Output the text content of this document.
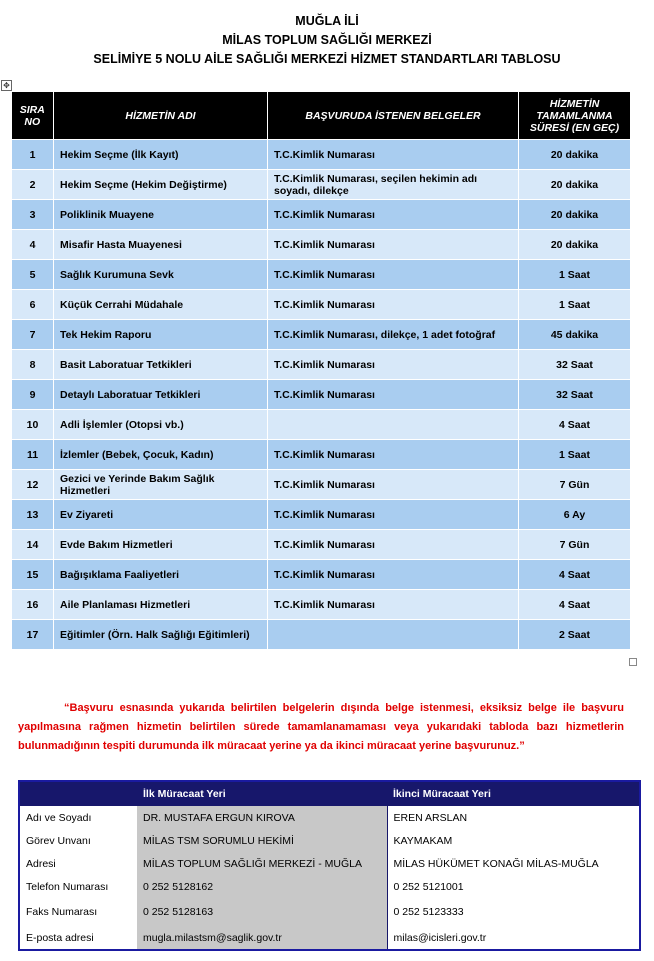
MUĞLA İLİ
MİLAS TOPLUM SAĞLIĞI MERKEZİ
SELİMİYE 5 NOLU AİLE SAĞLIĞI MERKEZİ HİZMET STANDARTLARI TABLOSU
✥
SIRA NO	HİZMETİN ADI	BAŞVURUDA İSTENEN BELGELER	HİZMETİN TAMAMLANMA SÜRESİ (EN GEÇ)
1	Hekim Seçme (İlk Kayıt)	T.C.Kimlik Numarası	20 dakika
2	Hekim Seçme (Hekim Değiştirme)	T.C.Kimlik Numarası, seçilen hekimin adı soyadı, dilekçe	20 dakika
3	Poliklinik Muayene	T.C.Kimlik Numarası	20 dakika
4	Misafir Hasta Muayenesi	T.C.Kimlik Numarası	20 dakika
5	Sağlık Kurumuna Sevk	T.C.Kimlik Numarası	1 Saat
6	Küçük Cerrahi Müdahale	T.C.Kimlik Numarası	1 Saat
7	Tek Hekim Raporu	T.C.Kimlik Numarası, dilekçe, 1 adet fotoğraf	45 dakika
8	Basit Laboratuar Tetkikleri	T.C.Kimlik Numarası	32 Saat
9	Detaylı Laboratuar Tetkikleri	T.C.Kimlik Numarası	32 Saat
10	Adli İşlemler (Otopsi vb.)		4 Saat
11	İzlemler (Bebek, Çocuk, Kadın)	T.C.Kimlik Numarası	1 Saat
12	Gezici ve Yerinde Bakım Sağlık Hizmetleri	T.C.Kimlik Numarası	7 Gün
13	Ev Ziyareti	T.C.Kimlik Numarası	6 Ay
14	Evde Bakım Hizmetleri	T.C.Kimlik Numarası	7 Gün
15	Bağışıklama Faaliyetleri	T.C.Kimlik Numarası	4 Saat
16	Aile Planlaması Hizmetleri	T.C.Kimlik Numarası	4 Saat
17	Eğitimler (Örn. Halk Sağlığı Eğitimleri)		2 Saat
“Başvuru esnasında yukarıda belirtilen belgelerin dışında belge istenmesi, eksiksiz belge ile başvuru yapılmasına rağmen hizmetin belirtilen sürede tamamlanamaması veya yukarıdaki tabloda bazı hizmetlerin bulunmadığının tespiti durumunda ilk müracaat yerine ya da ikinci müracaat yerine başvurunuz.”
	İlk Müracaat Yeri	İkinci Müracaat Yeri
Adı ve Soyadı	DR. MUSTAFA ERGUN KIROVA	EREN ARSLAN
Görev Unvanı	MİLAS TSM SORUMLU HEKİMİ	KAYMAKAM
Adresi	MİLAS TOPLUM SAĞLIĞI MERKEZİ - MUĞLA	MİLAS HÜKÜMET KONAĞI MİLAS-MUĞLA
Telefon Numarası	0 252 5128162	0 252 5121001
Faks Numarası	0 252 5128163	0 252 5123333
E-posta adresi	mugla.milastsm@saglik.gov.tr	milas@icisleri.gov.tr
